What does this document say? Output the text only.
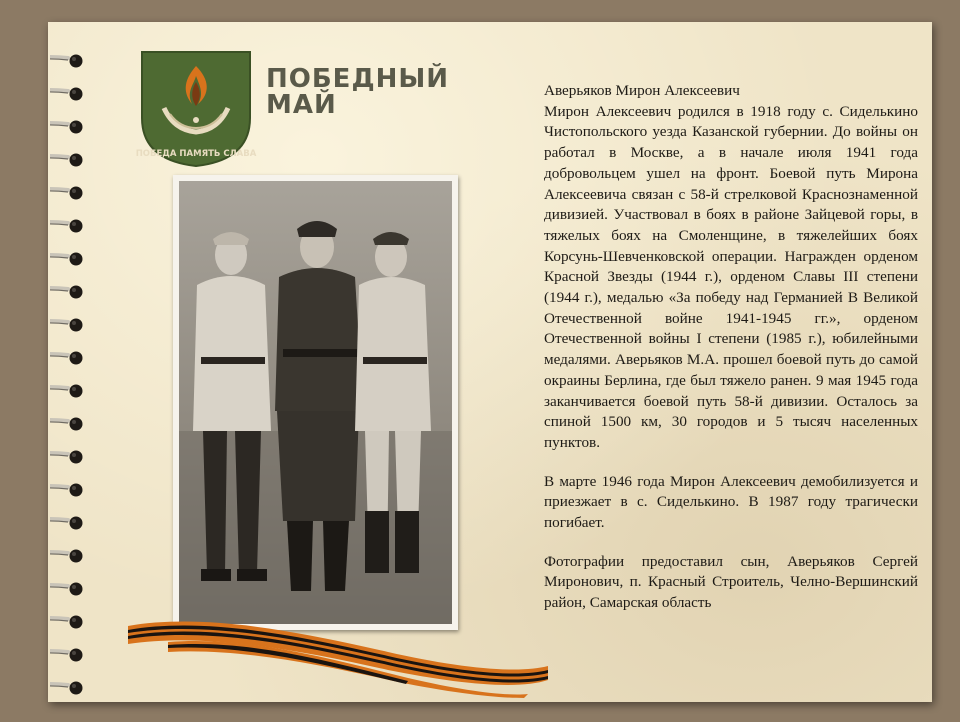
ПОБЕДА ПАМЯТЬ СЛАВА
ПОБЕДНЫЙ
МАЙ	Аверьяков Мирон Алексеевич

Мирон Алексеевич родился в 1918 году с. Сиделькино Чистопольского уезда Казанской губернии. До войны он работал в Москве, а в начале июля 1941 года добровольцем ушел на фронт. Боевой путь Мирона Алексеевича связан с 58-й стрелковой Краснознаменной дивизией. Участвовал в боях в районе Зайцевой горы, в тяжелых боях на Смоленщине, в тяжелейших боях Корсунь-Шевченковской операции. Награжден орденом Красной Звезды (1944 г.), орденом Славы III степени (1944 г.), медалью «За победу над Германией В Великой Отечественной войне 1941-1945 гг.», орденом Отечественной войны I степени (1985 г.), юбилейными медалями. Аверьяков М.А. прошел боевой путь до самой окраины Берлина, где был тяжело ранен. 9 мая 1945 года заканчивается боевой путь 58-й дивизии. Осталось за спиной 1500 км, 30 городов и 5 тысяч населенных пунктов.

В марте 1946 года Мирон Алексеевич демобилизуется и приезжает в с. Сиделькино. В 1987 году трагически погибает.

Фотографии предоставил сын, Аверьяков Сергей Миронович, п. Красный Строитель, Челно-Вершинский район, Самарская область
